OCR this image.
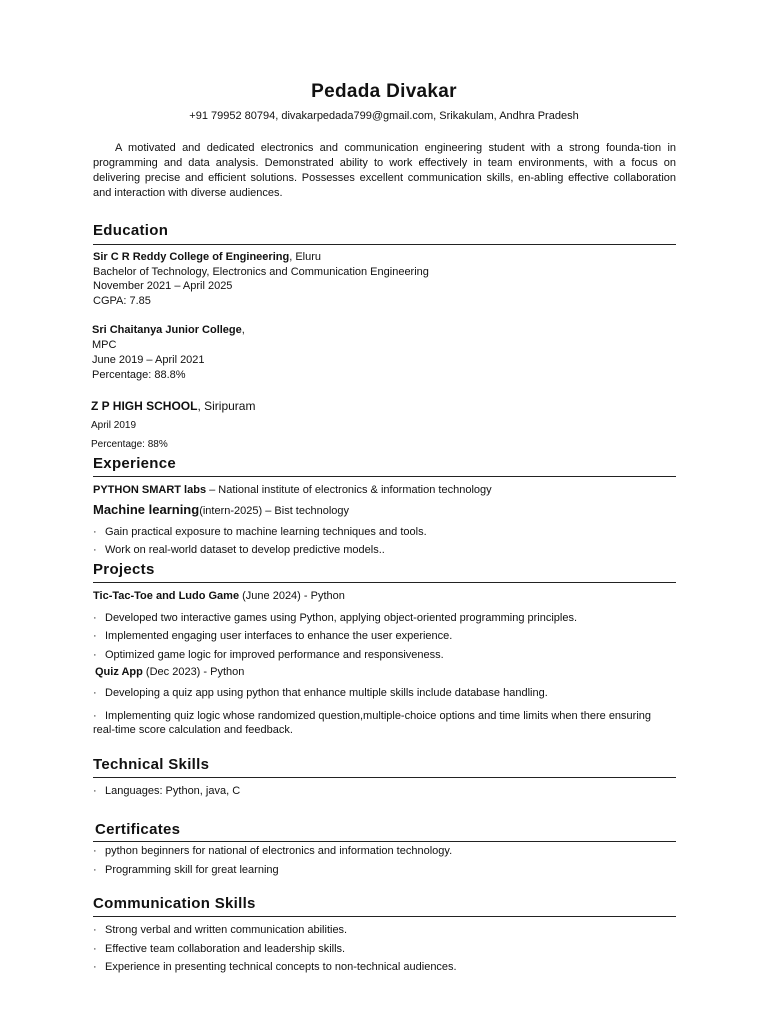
Pedada Divakar

+91 79952 80794, divakarpedada799@gmail.com, Srikakulam, Andhra Pradesh

A motivated and dedicated electronics and communication engineering student with a strong founda-tion in programming and data analysis. Demonstrated ability to work effectively in team environments, with a focus on delivering precise and efficient solutions. Possesses excellent communication skills, en-abling effective collaboration and interaction with diverse audiences.

Education
Sir C R Reddy College of Engineering, Eluru
Bachelor of Technology, Electronics and Communication Engineering
November 2021 – April 2025
CGPA: 7.85
Sri Chaitanya Junior College,
MPC
June 2019 – April 2021
Percentage: 88.8%
Z P HIGH SCHOOL, Siripuram
April 2019
Percentage: 88%
Experience
PYTHON SMART labs – National institute of electronics & information technology
Machine learning(intern-2025) – Bist technology
· Gain practical exposure to machine learning techniques and tools.
· Work on real-world dataset to develop predictive models..
Projects
Tic-Tac-Toe and Ludo Game (June 2024) - Python
· Developed two interactive games using Python, applying object-oriented programming principles.
· Implemented engaging user interfaces to enhance the user experience.
· Optimized game logic for improved performance and responsiveness.
Quiz App (Dec 2023) - Python
· Developing a quiz app using python that enhance multiple skills include database handling.
· Implementing quiz logic whose randomized question,multiple-choice options and time limits when there ensuring real-time score calculation and feedback.
Technical Skills
· Languages: Python, java, C
Certificates
· python beginners for national of electronics and information technology.
· Programming skill for great learning
Communication Skills
· Strong verbal and written communication abilities.
· Effective team collaboration and leadership skills.
· Experience in presenting technical concepts to non-technical audiences.
